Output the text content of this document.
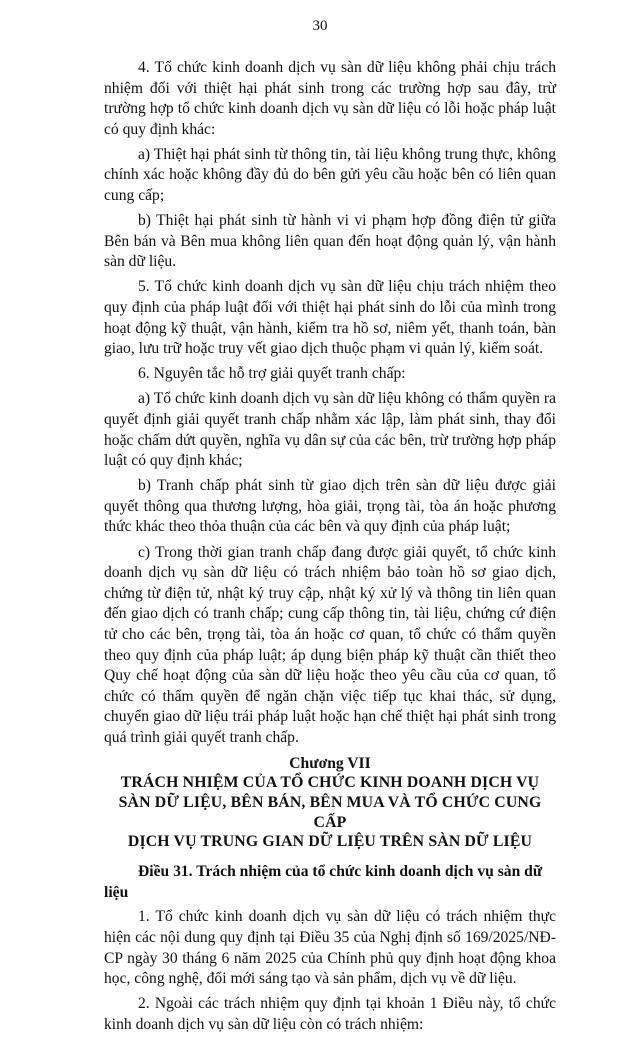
30

4. Tổ chức kinh doanh dịch vụ sàn dữ liệu không phải chịu trách nhiệm đối với thiệt hại phát sinh trong các trường hợp sau đây, trừ trường hợp tổ chức kinh doanh dịch vụ sàn dữ liệu có lỗi hoặc pháp luật có quy định khác:

a) Thiệt hại phát sinh từ thông tin, tài liệu không trung thực, không chính xác hoặc không đầy đủ do bên gửi yêu cầu hoặc bên có liên quan cung cấp;

b) Thiệt hại phát sinh từ hành vi vi phạm hợp đồng điện tử giữa Bên bán và Bên mua không liên quan đến hoạt động quản lý, vận hành sàn dữ liệu.

5. Tổ chức kinh doanh dịch vụ sàn dữ liệu chịu trách nhiệm theo quy định của pháp luật đối với thiệt hại phát sinh do lỗi của mình trong hoạt động kỹ thuật, vận hành, kiểm tra hồ sơ, niêm yết, thanh toán, bàn giao, lưu trữ hoặc truy vết giao dịch thuộc phạm vi quản lý, kiểm soát.

6. Nguyên tắc hỗ trợ giải quyết tranh chấp:

a) Tổ chức kinh doanh dịch vụ sàn dữ liệu không có thẩm quyền ra quyết định giải quyết tranh chấp nhằm xác lập, làm phát sinh, thay đổi hoặc chấm dứt quyền, nghĩa vụ dân sự của các bên, trừ trường hợp pháp luật có quy định khác;

b) Tranh chấp phát sinh từ giao dịch trên sàn dữ liệu được giải quyết thông qua thương lượng, hòa giải, trọng tài, tòa án hoặc phương thức khác theo thỏa thuận của các bên và quy định của pháp luật;

c) Trong thời gian tranh chấp đang được giải quyết, tổ chức kinh doanh dịch vụ sàn dữ liệu có trách nhiệm bảo toàn hồ sơ giao dịch, chứng từ điện tử, nhật ký truy cập, nhật ký xử lý và thông tin liên quan đến giao dịch có tranh chấp; cung cấp thông tin, tài liệu, chứng cứ điện tử cho các bên, trọng tài, tòa án hoặc cơ quan, tổ chức có thẩm quyền theo quy định của pháp luật; áp dụng biện pháp kỹ thuật cần thiết theo Quy chế hoạt động của sàn dữ liệu hoặc theo yêu cầu của cơ quan, tổ chức có thẩm quyền để ngăn chặn việc tiếp tục khai thác, sử dụng, chuyển giao dữ liệu trái pháp luật hoặc hạn chế thiệt hại phát sinh trong quá trình giải quyết tranh chấp.

Chương VII
TRÁCH NHIỆM CỦA TỔ CHỨC KINH DOANH DỊCH VỤ
SÀN DỮ LIỆU, BÊN BÁN, BÊN MUA VÀ TỔ CHỨC CUNG CẤP
DỊCH VỤ TRUNG GIAN DỮ LIỆU TRÊN SÀN DỮ LIỆU

Điều 31. Trách nhiệm của tổ chức kinh doanh dịch vụ sàn dữ liệu

1. Tổ chức kinh doanh dịch vụ sàn dữ liệu có trách nhiệm thực hiện các nội dung quy định tại Điều 35 của Nghị định số 169/2025/NĐ-CP ngày 30 tháng 6 năm 2025 của Chính phủ quy định hoạt động khoa học, công nghệ, đổi mới sáng tạo và sản phẩm, dịch vụ về dữ liệu.

2. Ngoài các trách nhiệm quy định tại khoản 1 Điều này, tổ chức kinh doanh dịch vụ sàn dữ liệu còn có trách nhiệm:
